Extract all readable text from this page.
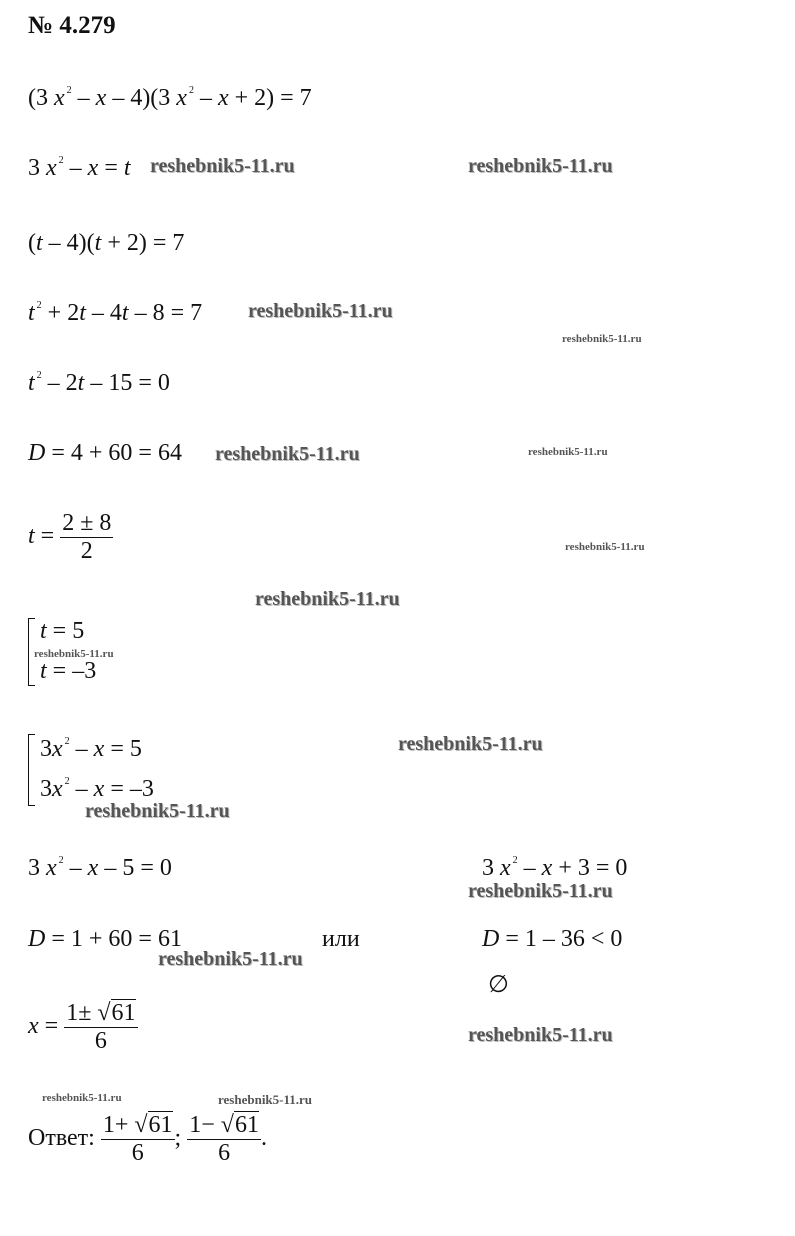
№ 4.279
(3 x $^2$ – x – 4)(3 x $^2$ – x + 2) = 7
3 x $^2$ – x = t
(t – 4)(t + 2) = 7
t $^2$ + 2t – 4t – 8 = 7
t $^2$ – 2t – 15 = 0
D = 4 + 60 = 64
$t = \frac{2 \pm 8}{2}$
t = 5
t = –3
3x $^2$ – x = 5
3x $^2$ – x = –3
3 x $^2$ – x – 5 = 0	3 x $^2$ – x + 3 = 0
D = 1 + 60 = 61	или	D = 1 – 36 < 0
∅
$x = \frac{1\pm √61}{6}$
Ответ: $\frac{1+ √61}{6}$ ; $\frac{1- √61}{6}$ .
reshebnik5-11.ru	reshebnik5-11.ru
reshebnik5-11.ru
reshebnik5-11.ru
reshebnik5-11.ru	reshebnik5-11.ru
reshebnik5-11.ru
reshebnik5-11.ru
reshebnik5-11.ru
reshebnik5-11.ru
reshebnik5-11.ru
reshebnik5-11.ru
reshebnik5-11.ru
reshebnik5-11.ru
reshebnik5-11.ru	reshebnik5-11.ru
